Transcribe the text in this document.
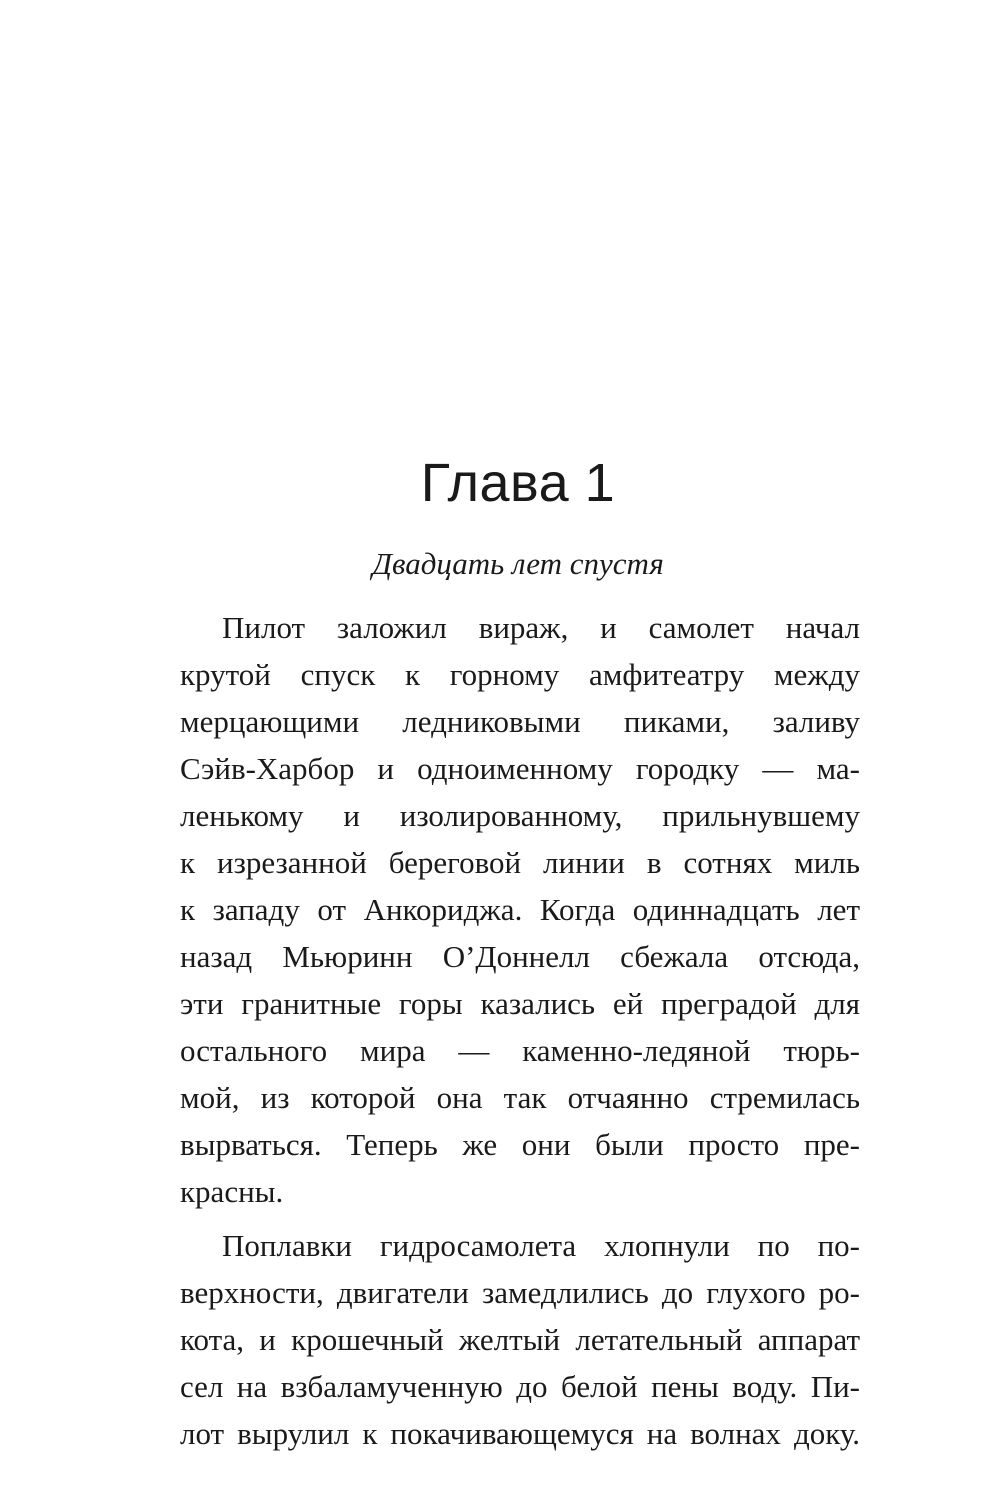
Глава 1

Двадцать лет спустя

Пилот заложил вираж, и самолет начал
крутой спуск к горному амфитеатру между
мерцающими ледниковыми пиками, заливу
Сэйв-Харбор и одноименному городку — ма-
ленькому и изолированному, прильнувшему
к изрезанной береговой линии в сотнях миль
к западу от Анкориджа. Когда одиннадцать лет
назад Мьюринн О’Доннелл сбежала отсюда,
эти гранитные горы казались ей преградой для
остального мира — каменно-ледяной тюрь-
мой, из которой она так отчаянно стремилась
вырваться. Теперь же они были просто пре-
красны.

Поплавки гидросамолета хлопнули по по-
верхности, двигатели замедлились до глухого ро-
кота, и крошечный желтый летательный аппарат
сел на взбаламученную до белой пены воду. Пи-
лот вырулил к покачивающемуся на волнах доку.
